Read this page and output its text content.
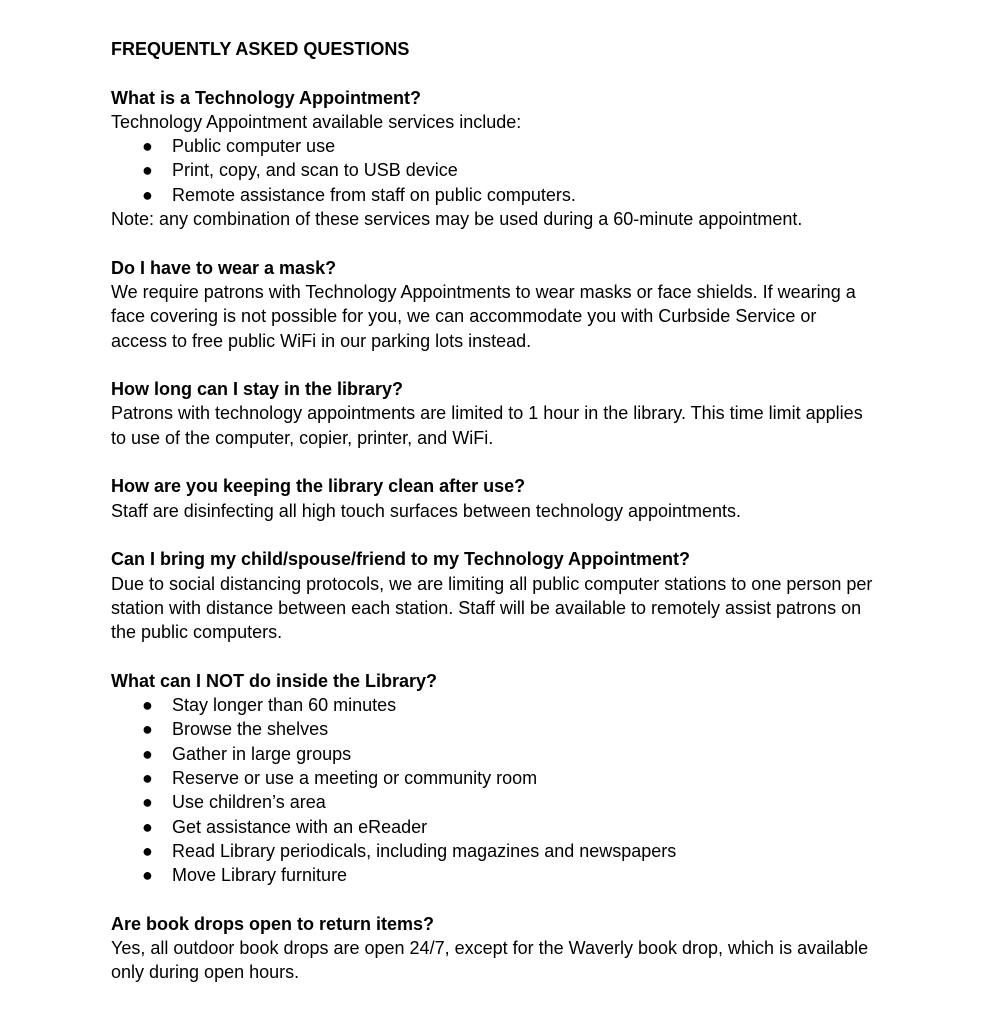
FREQUENTLY ASKED QUESTIONS
What is a Technology Appointment?
Technology Appointment available services include:
● Public computer use
● Print, copy, and scan to USB device
● Remote assistance from staff on public computers.
Note: any combination of these services may be used during a 60-minute appointment.
Do I have to wear a mask?
We require patrons with Technology Appointments to wear masks or face shields. If wearing a
face covering is not possible for you, we can accommodate you with Curbside Service or
access to free public WiFi in our parking lots instead.
How long can I stay in the library?
Patrons with technology appointments are limited to 1 hour in the library. This time limit applies
to use of the computer, copier, printer, and WiFi.
How are you keeping the library clean after use?
Staff are disinfecting all high touch surfaces between technology appointments.
Can I bring my child/spouse/friend to my Technology Appointment?
Due to social distancing protocols, we are limiting all public computer stations to one person per
station with distance between each station. Staff will be available to remotely assist patrons on
the public computers.
What can I NOT do inside the Library?
● Stay longer than 60 minutes
● Browse the shelves
● Gather in large groups
● Reserve or use a meeting or community room
● Use children’s area
● Get assistance with an eReader
● Read Library periodicals, including magazines and newspapers
● Move Library furniture
Are book drops open to return items?
Yes, all outdoor book drops are open 24/7, except for the Waverly book drop, which is available
only during open hours.
